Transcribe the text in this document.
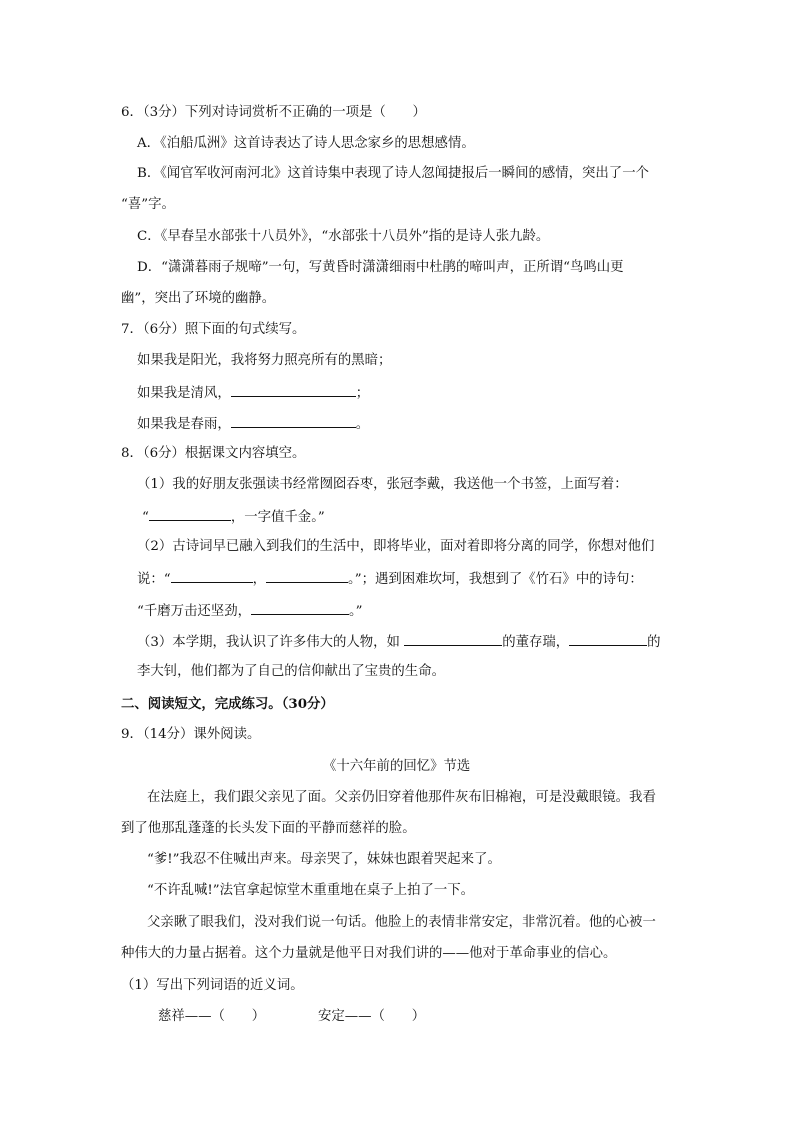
6．（3分）下列对诗词赏析不正确的一项是（　　）
A．《泊船瓜洲》这首诗表达了诗人思念家乡的思想感情。
B．《闻官军收河南河北》这首诗集中表现了诗人忽闻捷报后一瞬间的感情，突出了一个
“喜”字。
C．《早春呈水部张十八员外》，“水部张十八员外”指的是诗人张九龄。
D．“潇潇暮雨子规啼”一句，写黄昏时潇潇细雨中杜鹃的啼叫声，正所谓“鸟鸣山更
幽”，突出了环境的幽静。
7．（6分）照下面的句式续写。
如果我是阳光，我将努力照亮所有的黑暗；
如果我是清风，	；
如果我是春雨，	。
8．（6分）根据课文内容填空。
（1）我的好朋友张强读书经常囫囵吞枣，张冠李戴，我送他一个书签，上面写着：
“	，一字值千金。”
（2）古诗词早已融入到我们的生活中，即将毕业，面对着即将分离的同学，你想对他们
说：“	，	。”；遇到困难坎坷，我想到了《竹石》中的诗句：
“千磨万击还坚劲，	。”
（3）本学期，我认识了许多伟大的人物，如	的董存瑞，	的
李大钊，他们都为了自己的信仰献出了宝贵的生命。
二、阅读短文，完成练习。（30分）
9．（14分）课外阅读。
《十六年前的回忆》节选
在法庭上，我们跟父亲见了面。父亲仍旧穿着他那件灰布旧棉袍，可是没戴眼镜。我看
到了他那乱蓬蓬的长头发下面的平静而慈祥的脸。
“爹!”我忍不住喊出声来。母亲哭了，妹妹也跟着哭起来了。
“不许乱喊!”法官拿起惊堂木重重地在桌子上拍了一下。
父亲瞅了眼我们，没对我们说一句话。他脸上的表情非常安定，非常沉着。他的心被一
种伟大的力量占据着。这个力量就是他平日对我们讲的——他对于革命事业的信心。
（1）写出下列词语的近义词。
慈祥——（　　）	安定——（　　）
